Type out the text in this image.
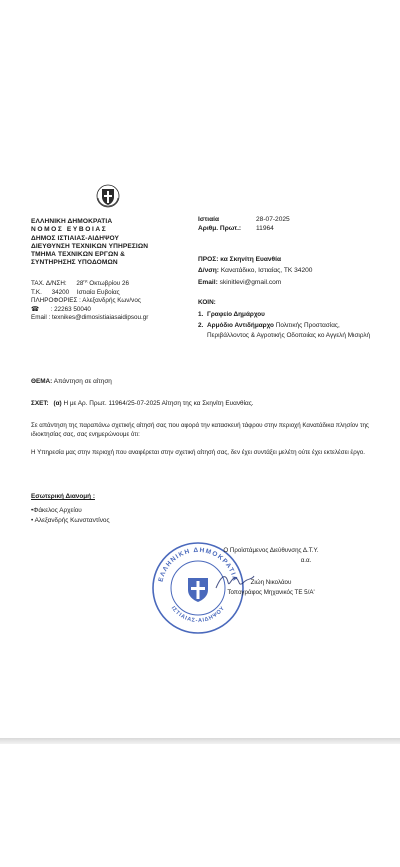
ΕΛΛΗΝΙΚΗ ΔΗΜΟΚΡΑΤΙΑ
ΝΟΜΟΣ ΕΥΒΟΙΑΣ
ΔΗΜΟΣ ΙΣΤΙΑΙΑΣ-ΑΙΔΗΨΟΥ
ΔΙΕΥΘΥΝΣΗ ΤΕΧΝΙΚΩΝ ΥΠΗΡΕΣΙΩΝ
ΤΜΗΜΑ ΤΕΧΝΙΚΩΝ ΕΡΓΩΝ &
ΣΥΝΤΗΡΗΣΗΣ ΥΠΟΔΟΜΩΝ
ΤΑΧ. Δ/ΝΣΗ: $28^{\eta\varsigma}$ Οκτωβρίου 26
Τ.Κ. 34200 Ιστιαία Ευβοίας
ΠΛΗΡΟΦΟΡΙΕΣ : Αλεξανδρής Κων/νος
☎ : 22263 50040
Email : texnikes@dimosistiaiasaidipsou.gr
Ιστιαία	28-07-2025
Αριθμ. Πρωτ.:	11964
ΠΡΟΣ: κα Σκηνίτη Ευανθία
Δ/νση: Κανατάδικο, Ιστιαίας, ΤΚ 34200
Email: skinitlevi@gmail.com
ΚΟΙΝ:
1. Γραφείο Δημάρχου
2. Αρμόδιο Αντιδήμαρχο Πολιτικής Προστασίας, Περιβάλλοντος & Αγροτικής Οδοποιίας κο Αγγελή Μισιρλή
ΘΕΜΑ: Απάντηση σε αίτηση
ΣΧΕΤ: (α) Η με Αρ. Πρωτ. 11964/25-07-2025 Αίτηση της κα Σκηνίτη Ευανθίας.
Σε απάντηση της παραπάνω σχετικής αίτησή σας που αφορά την κατασκευή τάφρου στην περιοχή Κανατάδικα πλησίον της ιδιοκτησίας σας, σας ενημερώνουμε ότι:
Η Υπηρεσία μας στην περιοχή που αναφέρεται στην σχετική αίτησή σας, δεν έχει συντάξει μελέτη ούτε έχει εκτελέσει έργο.
Εσωτερική Διανομή :
•Φάκελος Αρχείου
• Αλεξανδρής Κωνσταντίνος
ΕΛΛΗΝΙΚΗ ΔΗΜΟΚΡΑΤΙΑ
ΙΣΤΙΑΙΑΣ-ΑΙΔΗΨΟΥ
Ο Προϊστάμενος Διεύθυνσης Δ.Τ.Υ.
α.α.
Ζιώη Νικολάου
Τοπογράφος Μηχανικός ΤΕ 5/Α'
